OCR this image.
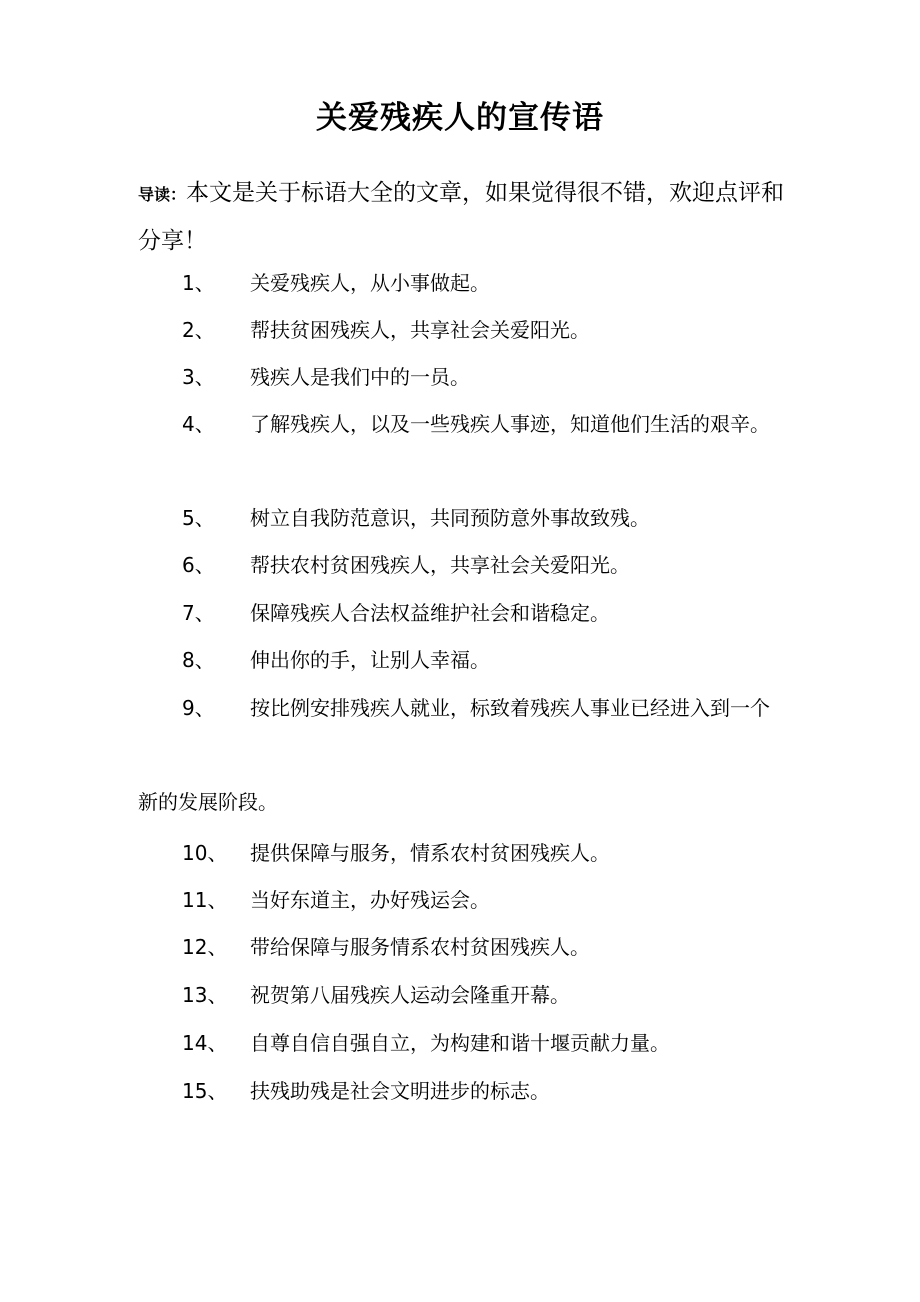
关爱残疾人的宣传语
导读：本文是关于标语大全的文章，如果觉得很不错，欢迎点评和分享！
1、 关爱残疾人，从小事做起。
2、 帮扶贫困残疾人，共享社会关爱阳光。
3、 残疾人是我们中的一员。
4、 了解残疾人，以及一些残疾人事迹，知道他们生活的艰辛。
5、 树立自我防范意识，共同预防意外事故致残。
6、 帮扶农村贫困残疾人，共享社会关爱阳光。
7、 保障残疾人合法权益维护社会和谐稳定。
8、 伸出你的手，让别人幸福。
9、 按比例安排残疾人就业，标致着残疾人事业已经进入到一个
新的发展阶段。
10、 提供保障与服务，情系农村贫困残疾人。
11、 当好东道主，办好残运会。
12、 带给保障与服务情系农村贫困残疾人。
13、 祝贺第八届残疾人运动会隆重开幕。
14、 自尊自信自强自立，为构建和谐十堰贡献力量。
15、 扶残助残是社会文明进步的标志。
